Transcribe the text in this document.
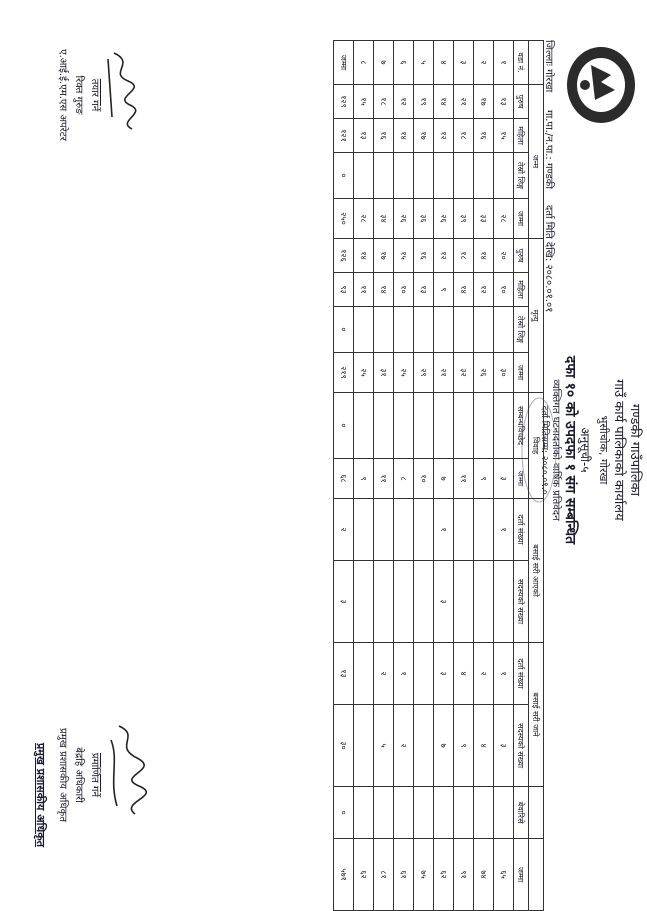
गण्डकी गाउँपालिका
गाउँ कार्य पालिकाको कार्यालय
भुसीचोक, गोरखा
अनुसूची-५
दफा १० को उपदफा १ संग सम्बन्धित
व्यक्तिगत घटनादर्ताको वार्षिक प्रतिवेदन
दर्ता मितिसम्म: २०८०.०९.०
जिल्लाः गोरखा
गा.पा./न.पा.: गण्डकी
दर्ता मिति देखि: २०८०.०१.०१
	जन्म				मृत्यु				विवाह		बसाई सरी आएको		बसाई सरी जाने			
वडा नं.	पुरुष	महिला	तेस्रो लिङ्ग	जम्मा	पुरुष	महिला	तेस्रो लिङ्ग	जम्मा	सम्बन्धविच्छेद	जम्मा	दर्ता संख्या	सदस्यको संख्या	दर्ता संख्या	सदस्यको संख्या	बेवारिसे	जम्मा
१	१३	१५		२८	२०	१०		३०		३	१		१	३		६५
२	१७	१६		३३	१४	१२		२६		९			२	४		७४
३	२१	१८		३९	१८	१४		३२		११			४	९		९१
४	१४	१२		२६	१२	९		२१		७	१	३	३	७		६२
५	१९	१७		३६	१६	१३		२९		१०						७५
६	१२	१४		२६	१५	१०		२५		८			१	२		६१
७	१८	१६		३४	१७	१४		३१		११			२	५		८१
८	१५	१३		२८	१४	११		२५		९						६२
जम्मा	१२९	१२१	०	२५०	१२६	९३	०	२१९	०	६८	२	३	१३	३०	०	५७१
तयार गर्ने
रिक्त गुरुङ
ए.आई.ई.एम.एस अपरेटर
प्रमाणित गर्ने
बेद्रहि अधिकारी
प्रमुख प्रशासकीय अधिकृत
प्रमुख प्रशासकीय अधिकृत
